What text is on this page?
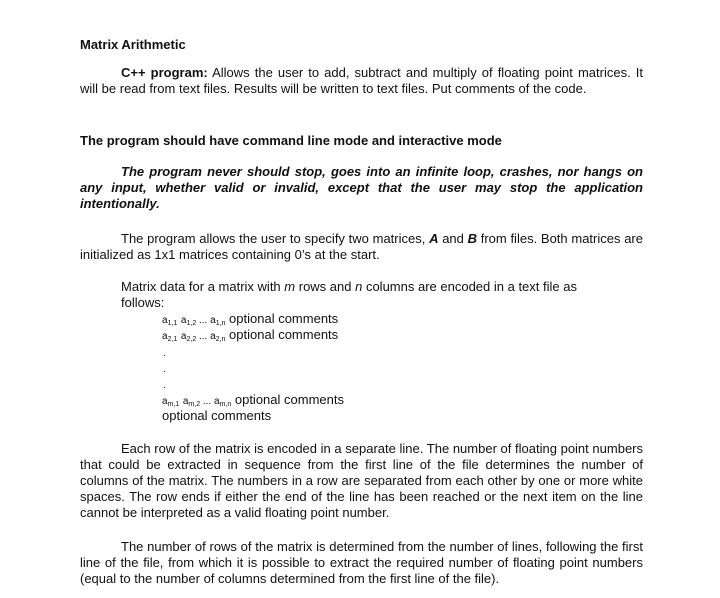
Matrix Arithmetic

C++ program: Allows the user to add, subtract and multiply of floating point matrices. It will be read from text files. Results will be written to text files. Put comments of the code.

The program should have command line mode and interactive mode

The program never should stop, goes into an infinite loop, crashes, nor hangs on any input, whether valid or invalid, except that the user may stop the application intentionally.

The program allows the user to specify two matrices, A and B from files. Both matrices are initialized as 1x1 matrices containing 0’s at the start.

Matrix data for a matrix with m rows and n columns are encoded in a text file as follows:

$a_{1,1}$ $a_{1,2}$ ... $a_{1,n}$ optional comments
$a_{2,1}$ $a_{2,2}$ ... $a_{2,n}$ optional comments
.
.
.
$a_{m,1}$ $a_{m,2}$ ... $a_{m,n}$ optional comments
optional comments

Each row of the matrix is encoded in a separate line. The number of floating point numbers that could be extracted in sequence from the first line of the file determines the number of columns of the matrix. The numbers in a row are separated from each other by one or more white spaces. The row ends if either the end of the line has been reached or the next item on the line cannot be interpreted as a valid floating point number.

The number of rows of the matrix is determined from the number of lines, following the first line of the file, from which it is possible to extract the required number of floating point numbers (equal to the number of columns determined from the first line of the file).
